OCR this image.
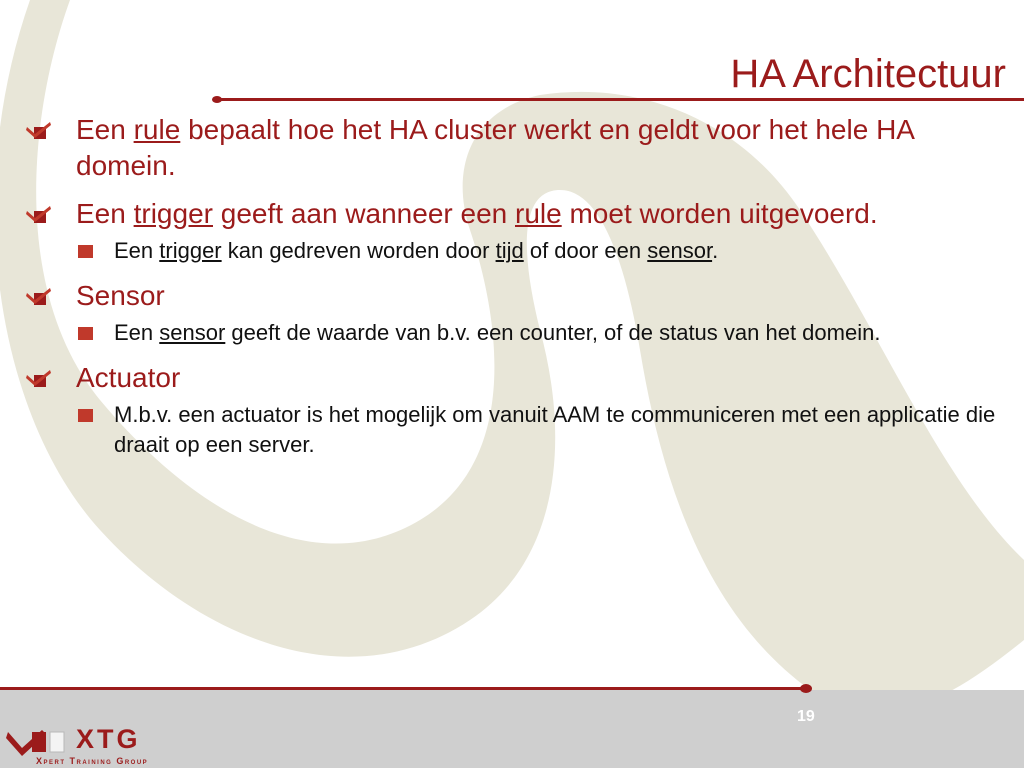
HA Architectuur
Een rule bepaalt hoe het HA cluster werkt en geldt voor het hele HA domein.
Een trigger geeft aan wanneer een rule moet worden uitgevoerd.
Een trigger kan gedreven worden door tijd of door een sensor.
Sensor
Een sensor geeft de waarde van b.v. een counter, of de status van het domein.
Actuator
M.b.v. een actuator is het mogelijk om vanuit AAM te communiceren met een applicatie die draait op een server.
19
XTG
Xpert Training Group
